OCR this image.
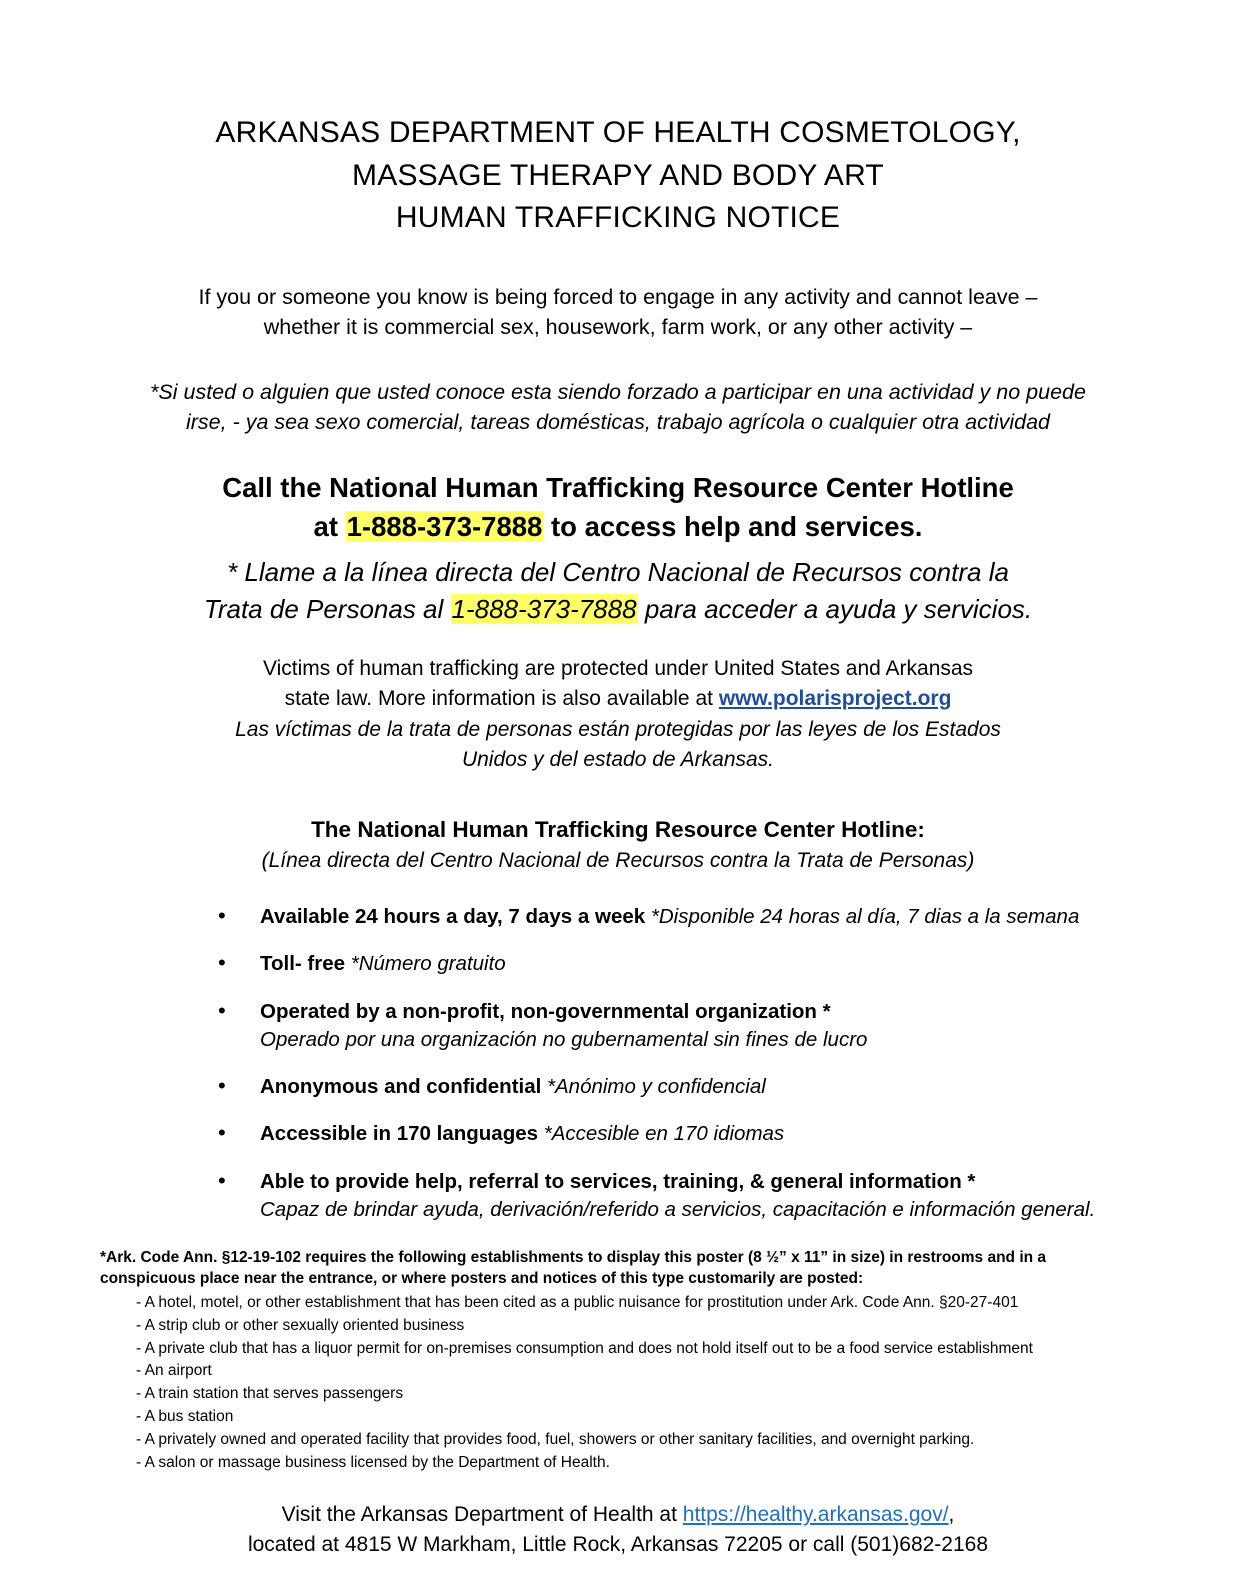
ARKANSAS DEPARTMENT OF HEALTH COSMETOLOGY,
MASSAGE THERAPY AND BODY ART
HUMAN TRAFFICKING NOTICE
If you or someone you know is being forced to engage in any activity and cannot leave –
whether it is commercial sex, housework, farm work, or any other activity –
*Si usted o alguien que usted conoce esta siendo forzado a participar en una actividad y no puede
irse, - ya sea sexo comercial, tareas domésticas, trabajo agrícola o cualquier otra actividad
Call the National Human Trafficking Resource Center Hotline
at 1-888-373-7888 to access help and services.
* Llame a la línea directa del Centro Nacional de Recursos contra la
Trata de Personas al 1-888-373-7888 para acceder a ayuda y servicios.
Victims of human trafficking are protected under United States and Arkansas
state law. More information is also available at www.polarisproject.org
Las víctimas de la trata de personas están protegidas por las leyes de los Estados
Unidos y del estado de Arkansas.
The National Human Trafficking Resource Center Hotline:
(Línea directa del Centro Nacional de Recursos contra la Trata de Personas)
• Available 24 hours a day, 7 days a week *Disponible 24 horas al día, 7 dias a la semana
• Toll- free *Número gratuito
• Operated by a non-profit, non-governmental organization *
Operado por una organización no gubernamental sin fines de lucro
• Anonymous and confidential *Anónimo y confidencial
• Accessible in 170 languages *Accesible en 170 idiomas
• Able to provide help, referral to services, training, & general information *
Capaz de brindar ayuda, derivación/referido a servicios, capacitación e información general.
*Ark. Code Ann. §12-19-102 requires the following establishments to display this poster (8 ½” x 11” in size) in restrooms and in a conspicuous place near the entrance, or where posters and notices of this type customarily are posted:
- A hotel, motel, or other establishment that has been cited as a public nuisance for prostitution under Ark. Code Ann. §20-27-401
- A strip club or other sexually oriented business
- A private club that has a liquor permit for on-premises consumption and does not hold itself out to be a food service establishment
- An airport
- A train station that serves passengers
- A bus station
- A privately owned and operated facility that provides food, fuel, showers or other sanitary facilities, and overnight parking.
- A salon or massage business licensed by the Department of Health.
Visit the Arkansas Department of Health at https://healthy.arkansas.gov/,
located at 4815 W Markham, Little Rock, Arkansas 72205 or call (501)682-2168
